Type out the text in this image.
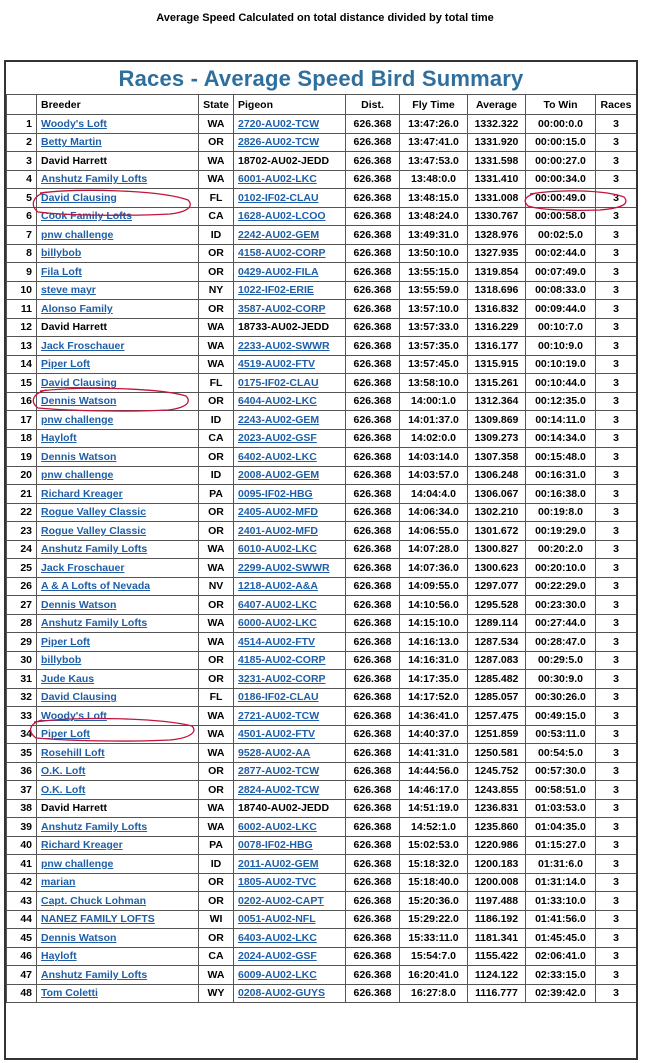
Average Speed Calculated on total distance divided by total time
Races - Average Speed Bird Summary
	Breeder	State	Pigeon	Dist.	Fly Time	Average	To Win	Races
1	Woody's Loft	WA	2720-AU02-TCW	626.368	13:47:26.0	1332.322	00:00:0.0	3
2	Betty Martin	OR	2826-AU02-TCW	626.368	13:47:41.0	1331.920	00:00:15.0	3
3	David Harrett	WA	18702-AU02-JEDD	626.368	13:47:53.0	1331.598	00:00:27.0	3
4	Anshutz Family Lofts	WA	6001-AU02-LKC	626.368	13:48:0.0	1331.410	00:00:34.0	3
5	David Clausing	FL	0102-IF02-CLAU	626.368	13:48:15.0	1331.008	00:00:49.0	3
6	Cook Family Lofts	CA	1628-AU02-LCOO	626.368	13:48:24.0	1330.767	00:00:58.0	3
7	pnw challenge	ID	2242-AU02-GEM	626.368	13:49:31.0	1328.976	00:02:5.0	3
8	billybob	OR	4158-AU02-CORP	626.368	13:50:10.0	1327.935	00:02:44.0	3
9	Fila Loft	OR	0429-AU02-FILA	626.368	13:55:15.0	1319.854	00:07:49.0	3
10	steve mayr	NY	1022-IF02-ERIE	626.368	13:55:59.0	1318.696	00:08:33.0	3
11	Alonso Family	OR	3587-AU02-CORP	626.368	13:57:10.0	1316.832	00:09:44.0	3
12	David Harrett	WA	18733-AU02-JEDD	626.368	13:57:33.0	1316.229	00:10:7.0	3
13	Jack Froschauer	WA	2233-AU02-SWWR	626.368	13:57:35.0	1316.177	00:10:9.0	3
14	Piper Loft	WA	4519-AU02-FTV	626.368	13:57:45.0	1315.915	00:10:19.0	3
15	David Clausing	FL	0175-IF02-CLAU	626.368	13:58:10.0	1315.261	00:10:44.0	3
16	Dennis Watson	OR	6404-AU02-LKC	626.368	14:00:1.0	1312.364	00:12:35.0	3
17	pnw challenge	ID	2243-AU02-GEM	626.368	14:01:37.0	1309.869	00:14:11.0	3
18	Hayloft	CA	2023-AU02-GSF	626.368	14:02:0.0	1309.273	00:14:34.0	3
19	Dennis Watson	OR	6402-AU02-LKC	626.368	14:03:14.0	1307.358	00:15:48.0	3
20	pnw challenge	ID	2008-AU02-GEM	626.368	14:03:57.0	1306.248	00:16:31.0	3
21	Richard Kreager	PA	0095-IF02-HBG	626.368	14:04:4.0	1306.067	00:16:38.0	3
22	Rogue Valley Classic	OR	2405-AU02-MFD	626.368	14:06:34.0	1302.210	00:19:8.0	3
23	Rogue Valley Classic	OR	2401-AU02-MFD	626.368	14:06:55.0	1301.672	00:19:29.0	3
24	Anshutz Family Lofts	WA	6010-AU02-LKC	626.368	14:07:28.0	1300.827	00:20:2.0	3
25	Jack Froschauer	WA	2299-AU02-SWWR	626.368	14:07:36.0	1300.623	00:20:10.0	3
26	A & A Lofts of Nevada	NV	1218-AU02-A&A	626.368	14:09:55.0	1297.077	00:22:29.0	3
27	Dennis Watson	OR	6407-AU02-LKC	626.368	14:10:56.0	1295.528	00:23:30.0	3
28	Anshutz Family Lofts	WA	6000-AU02-LKC	626.368	14:15:10.0	1289.114	00:27:44.0	3
29	Piper Loft	WA	4514-AU02-FTV	626.368	14:16:13.0	1287.534	00:28:47.0	3
30	billybob	OR	4185-AU02-CORP	626.368	14:16:31.0	1287.083	00:29:5.0	3
31	Jude Kaus	OR	3231-AU02-CORP	626.368	14:17:35.0	1285.482	00:30:9.0	3
32	David Clausing	FL	0186-IF02-CLAU	626.368	14:17:52.0	1285.057	00:30:26.0	3
33	Woody's Loft	WA	2721-AU02-TCW	626.368	14:36:41.0	1257.475	00:49:15.0	3
34	Piper Loft	WA	4501-AU02-FTV	626.368	14:40:37.0	1251.859	00:53:11.0	3
35	Rosehill Loft	WA	9528-AU02-AA	626.368	14:41:31.0	1250.581	00:54:5.0	3
36	O.K. Loft	OR	2877-AU02-TCW	626.368	14:44:56.0	1245.752	00:57:30.0	3
37	O.K. Loft	OR	2824-AU02-TCW	626.368	14:46:17.0	1243.855	00:58:51.0	3
38	David Harrett	WA	18740-AU02-JEDD	626.368	14:51:19.0	1236.831	01:03:53.0	3
39	Anshutz Family Lofts	WA	6002-AU02-LKC	626.368	14:52:1.0	1235.860	01:04:35.0	3
40	Richard Kreager	PA	0078-IF02-HBG	626.368	15:02:53.0	1220.986	01:15:27.0	3
41	pnw challenge	ID	2011-AU02-GEM	626.368	15:18:32.0	1200.183	01:31:6.0	3
42	marian	OR	1805-AU02-TVC	626.368	15:18:40.0	1200.008	01:31:14.0	3
43	Capt. Chuck Lohman	OR	0202-AU02-CAPT	626.368	15:20:36.0	1197.488	01:33:10.0	3
44	NANEZ FAMILY LOFTS	WI	0051-AU02-NFL	626.368	15:29:22.0	1186.192	01:41:56.0	3
45	Dennis Watson	OR	6403-AU02-LKC	626.368	15:33:11.0	1181.341	01:45:45.0	3
46	Hayloft	CA	2024-AU02-GSF	626.368	15:54:7.0	1155.422	02:06:41.0	3
47	Anshutz Family Lofts	WA	6009-AU02-LKC	626.368	16:20:41.0	1124.122	02:33:15.0	3
48	Tom Coletti	WY	0208-AU02-GUYS	626.368	16:27:8.0	1116.777	02:39:42.0	3
